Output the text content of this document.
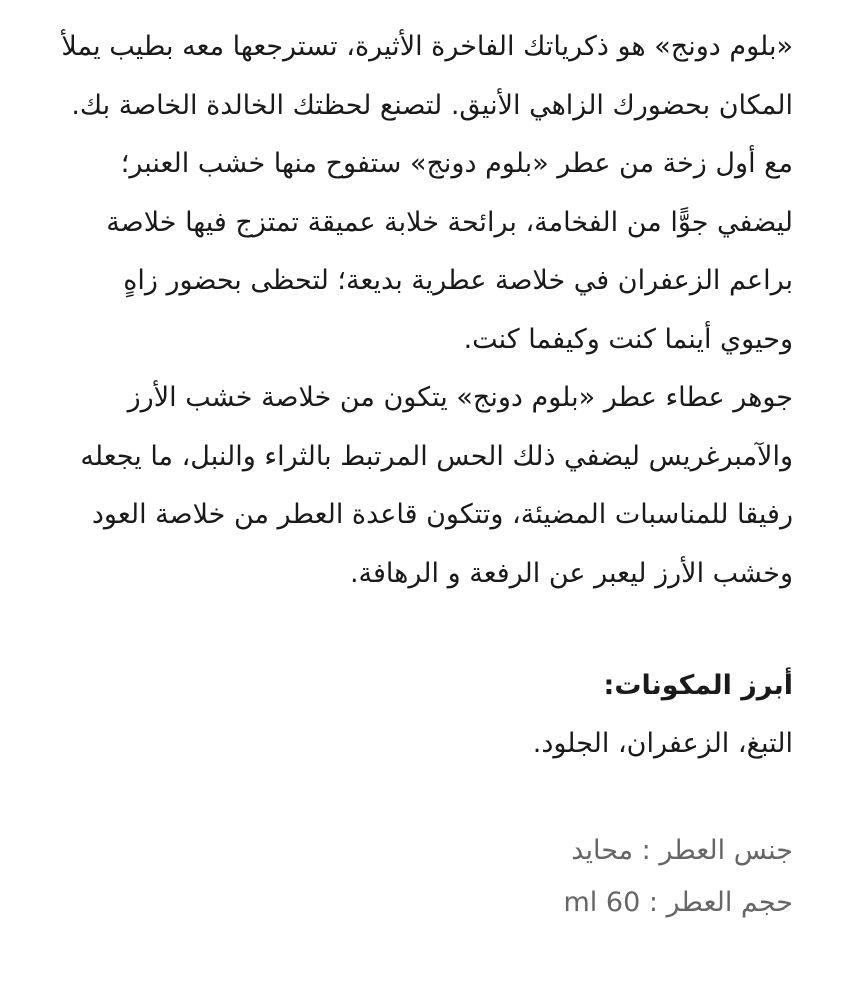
«بلوم دونج» هو ذكرياتك الفاخرة الأثيرة، تسترجعها معه بطيب يملأ المكان بحضورك الزاهي الأنيق. لتصنع لحظتك الخالدة الخاصة بك.

مع أول زخة من عطر «بلوم دونج» ستفوح منها خشب العنبر؛ ليضفي جوًّا من الفخامة، برائحة خلابة عميقة تمتزج فيها خلاصة براعم الزعفران في خلاصة عطرية بديعة؛ لتحظى بحضور زاهٍ وحيوي أينما كنت وكيفما كنت.

جوهر عطاء عطر «بلوم دونج» يتكون من خلاصة خشب الأرز والآمبرغريس ليضفي ذلك الحس المرتبط بالثراء والنبل، ما يجعله رفيقا للمناسبات المضيئة، وتتكون قاعدة العطر من خلاصة العود وخشب الأرز ليعبر عن الرفعة و الرهافة.

أبرز المكونات:

التبغ، الزعفران، الجلود.

جنس العطر : محايد
حجم العطر : 60 ml
